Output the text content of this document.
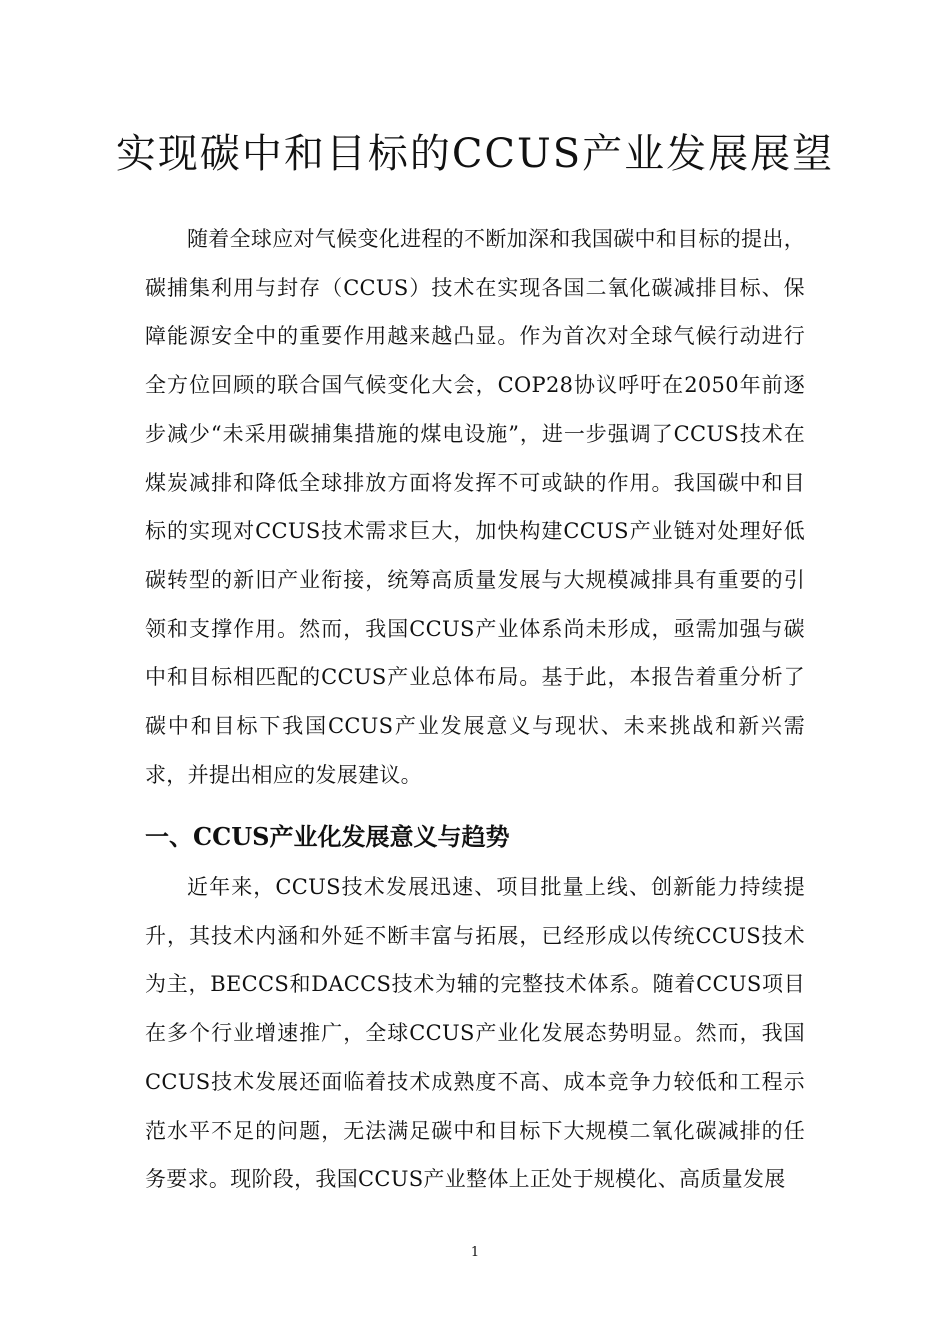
实现碳中和目标的CCUS产业发展展望

随着全球应对气候变化进程的不断加深和我国碳中和目标的提出，碳捕集利用与封存（CCUS）技术在实现各国二氧化碳减排目标、保障能源安全中的重要作用越来越凸显。作为首次对全球气候行动进行全方位回顾的联合国气候变化大会，COP28协议呼吁在2050年前逐步减少“未采用碳捕集措施的煤电设施”，进一步强调了CCUS技术在煤炭减排和降低全球排放方面将发挥不可或缺的作用。我国碳中和目标的实现对CCUS技术需求巨大，加快构建CCUS产业链对处理好低碳转型的新旧产业衔接，统筹高质量发展与大规模减排具有重要的引领和支撑作用。然而，我国CCUS产业体系尚未形成，亟需加强与碳中和目标相匹配的CCUS产业总体布局。基于此，本报告着重分析了碳中和目标下我国CCUS产业发展意义与现状、未来挑战和新兴需求，并提出相应的发展建议。

一、CCUS产业化发展意义与趋势

近年来，CCUS技术发展迅速、项目批量上线、创新能力持续提升，其技术内涵和外延不断丰富与拓展，已经形成以传统CCUS技术为主，BECCS和DACCS技术为辅的完整技术体系。随着CCUS项目在多个行业增速推广，全球CCUS产业化发展态势明显。然而，我国CCUS技术发展还面临着技术成熟度不高、成本竞争力较低和工程示范水平不足的问题，无法满足碳中和目标下大规模二氧化碳减排的任务要求。现阶段，我国CCUS产业整体上正处于规模化、高质量发展

1
